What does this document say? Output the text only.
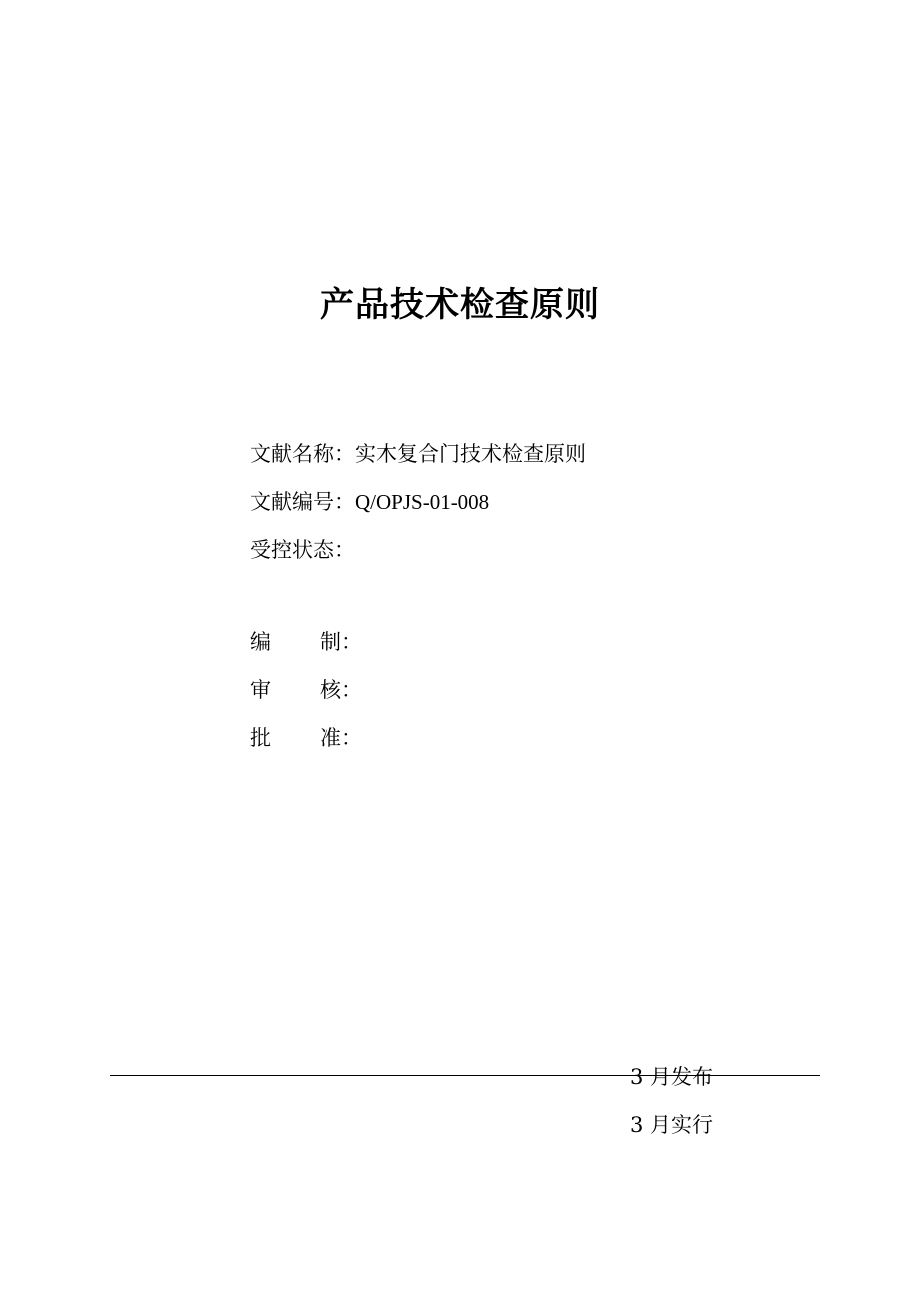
产品技术检查原则
文献名称：实木复合门技术检查原则
文献编号：Q/OPJS-01-008
受控状态：
编 制：
审 核：
批 准：
3 月发布
3 月实行
